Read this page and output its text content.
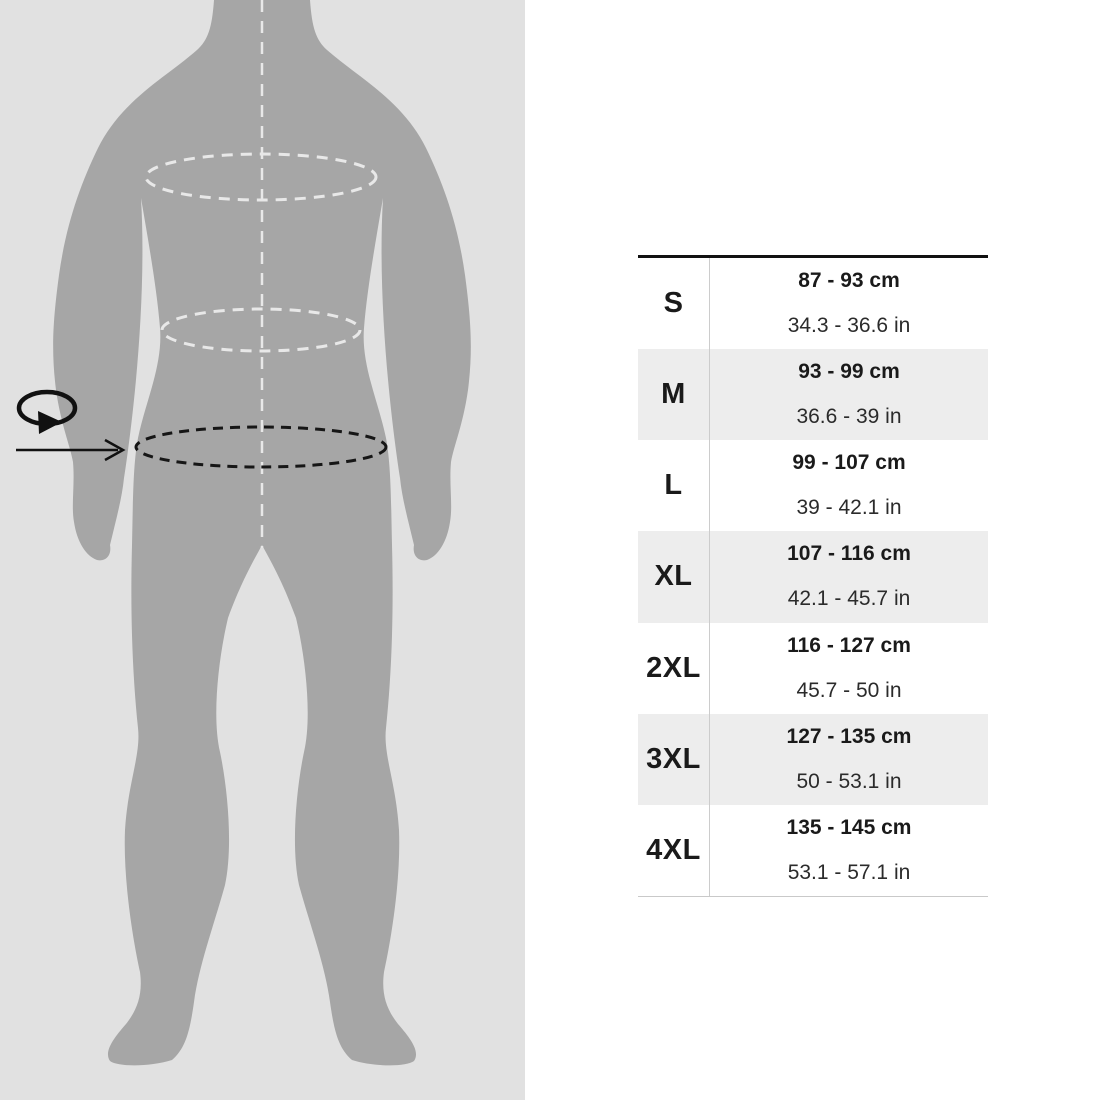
S
87 - 93 cm
34.3 - 36.6 in
M
93 - 99 cm
36.6 - 39 in
L
99 - 107 cm
39 - 42.1 in
XL
107 - 116 cm
42.1 - 45.7 in
2XL
116 - 127 cm
45.7 - 50 in
3XL
127 - 135 cm
50 - 53.1 in
4XL
135 - 145 cm
53.1 - 57.1 in
